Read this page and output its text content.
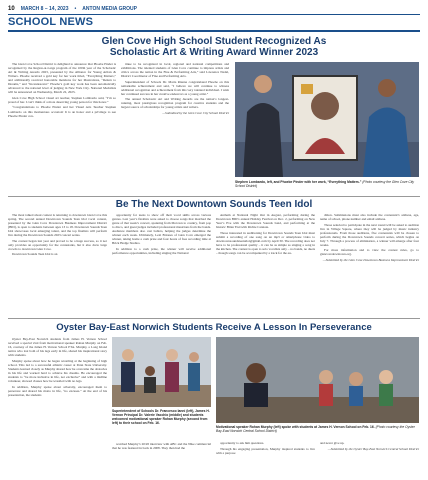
10 MARCH 8 – 14, 2023 • ANTON MEDIA GROUP
SCHOOL NEWS
Glen Cove High School Student Recognized As
Scholastic Art & Writing Award Winner 2023

The Glen Cove School District is delighted to announce that Phoebe Pinder is recognized by the Region-at-Large program of the 100th year of the Scholastic Art & Writing Awards 2023, presented by the Alliance for Young Artists & Writers. Phoebe received a gold key for her work titled, “Everything Matters,” and additionally received honorable mentions for her illustrations, “Return to Dreams,” and “Incandescent.” Phoebe’s gold key work has been automatically advanced to the national level of judging in New York City. National Medalists will be announced on Wednesday, March 22, 2023.

Glen Cove High School visual art teacher, Stephen Lombardo said, “I’m so proud of her. I can’t think of a more deserving young person for this honor.”

“Congratulations to Phoebe Pinder and her Visual Arts Teacher Stephen Lombardo on this momentous occasion! It is an honor and a privilege to see Phoebe Pinder con-

tinue to be recognized in local, regional and national competitions and exhibitions. The talented students of Glen Cove continue to impress artists and critics across the nation in the Fine & Performing Arts,” said Lawrence Nadel, District Coordinator of Fine and Performing Arts.

Superintendent of Schools Dr. Maria Rianna congratulated Phoebe on this remarkable achievement and said, “I believe we will continue to witness additional recognition and achievement from this very talented individual. I wish her continued success in her creative endeavors as a young artist.”

The annual Scholastic Art and Writing Awards are the nation’s longest-running, most prestigious recognition program for creative students and the largest source of scholarships for young artists and writers.

—Submitted by the Glen Cove City School District

Stephen Lombardo, left, and Phoebe Pinder with her work, “Everything Matters.” (Photo courtesy the Glen Cove City School District)
Be The Next Downtown Sounds Teen Idol

The most talked about contest is returning to downtown Glen Cove this spring. The second annual Downtown Sounds Teen Idol vocal contest, presented by the Glen Cove Downtown Business Improvement District (BID), is open to students between ages 13 to 18. Downtown Sounds Teen Idol showcases local emerging talent, and the top finalists will perform live during the Downtown Sounds 2023 concert series.

The contest began last year and proved to be a huge success, so it not only provides an opportunity for the contestants, but it also drew large crowds to downtown Glen Cove.

Downtown Sounds Teen Idol is an

opportunity for teens to show off their vocal skills across various genres. Last year’s finalists were asked to choose songs that matched the genre of that week’s concert, spanning from Motown to country, from pop to disco, and guest judges included professional musicians from the bands. Audience members also cast ballots, helping the judges determine the winner each week. Ultimately, Lexi Briones of Glen Cove emerged the winner, taking home a cash prize and four hours of free recording time at Brick Hedge Studios.

In addition to a cash prize, the winner will receive additional performance opportunities, including singing the National

Anthem at National Night Out in August, performing during the Downtown BID’s annual Holiday Festival on Dec. 2, performing on New Year’s Eve with the Downtown Sounds band, and performing at the historic Bitter End with Richie Cannata.

Those interested in auditioning for Downtown Sounds Teen Idol must submit a recording of one song on an mp3 or smartphone video to downtownsoundsteenidol@gmail.com by April 30. The recording does not have to be professional quality – it can be as simple as singing a song in the kitchen. The contest is open to solo vocalists only – no bands, no duets – though songs can be accompanied by a track for the au-

dition. Submissions must also include the contestant’s address, age, name of school, phone number and email address.

Those selected to participate in the next round will be asked to audition live in Village Square, where they will be judged by music industry professionals. From those auditions, five contestants will be chosen to perform during the Downtown Sounds concert series, which begins on July 7. Through a process of elimination, a winner will emerge after four weeks.

For more information and to view the contest rules, go to glencovedowntown.org.

—Submitted by the Glen Cove Downtown Business Improvement District

Oyster Bay-East Norwich Students Receive A Lesson In Perseverance

Oyster Bay-East Norwich students from James H. Vernon School received a special visit from motivational speaker Rohan Murphy on Feb. 16, courtesy of the James H. Vernon School PTA. Murphy, a Long Island native who lost both of his legs early in life, shared his inspirational story with students.

Murphy spoke about how he began wrestling at the beginning of high school. This led to a successful athletic career at Penn State University. Students learned closely as Murphy shared how he overcame the obstacles in his life and worked hard to achieve his dreams. He encouraged the students to “be more inclusive in life, not exclusive” and with a midline volunteer, showed classes how he wrestled with no legs.

In addition, Murphy spoke about adversity, encouraged them to persevere and shared his motto in life, “no excuses.” At the end of his presentation, the students

Superintendent of Schools Dr. Francesco Ianni (left), James H. Vernon Principal Dr. Valerie Vacchio (middle) and students welcomed motivational speaker Rohan Murphy (second from left) to their school on Feb. 16.

watched Murphy’s 20/20 interview with ABC and the Nike commercial that he was featured in back in 2008. They then had the

Motivational speaker Rohan Murphy (left) spoke with students at James H. Vernon School on Feb. 16. (Photo courtesy the Oyster Bay-East Norwich Central School District)

opportunity to ask him questions.

Through his engaging presentation, Murphy inspired students to live with a purpose

and never give up.

—Submitted by the Oyster Bay-East Norwich Central School District
